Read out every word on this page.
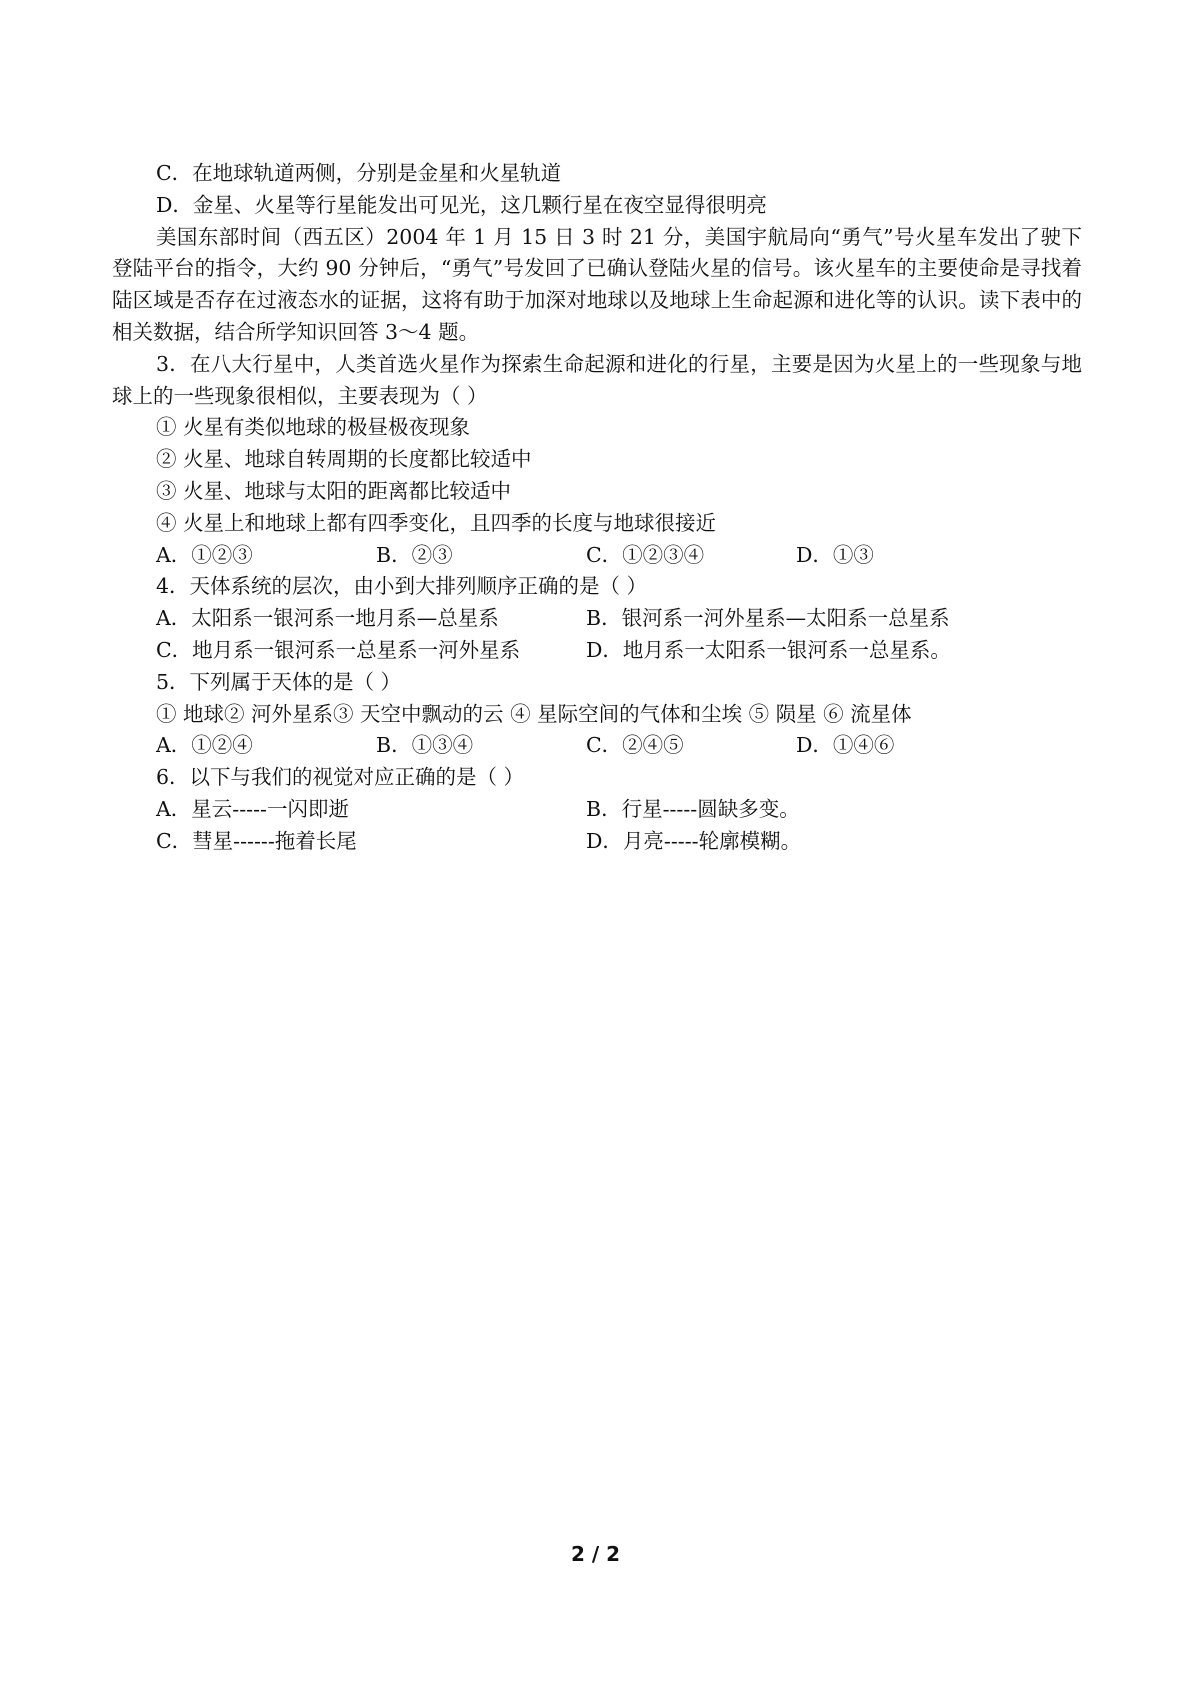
C．在地球轨道两侧，分别是金星和火星轨道
D．金星、火星等行星能发出可见光，这几颗行星在夜空显得很明亮
美国东部时间（西五区）2004 年 1 月 15 日 3 时 21 分，美国宇航局向“勇气”号火星车发出了驶下登陆平台的指令，大约 90 分钟后，“勇气”号发回了已确认登陆火星的信号。该火星车的主要使命是寻找着陆区域是否存在过液态水的证据，这将有助于加深对地球以及地球上生命起源和进化等的认识。读下表中的相关数据，结合所学知识回答 3～4 题。
3．在八大行星中，人类首选火星作为探索生命起源和进化的行星，主要是因为火星上的一些现象与地球上的一些现象很相似，主要表现为（ ）
① 火星有类似地球的极昼极夜现象
② 火星、地球自转周期的长度都比较适中
③ 火星、地球与太阳的距离都比较适中
④ 火星上和地球上都有四季变化，且四季的长度与地球很接近
A．①②③	B．②③	C．①②③④	D．①③
4．天体系统的层次，由小到大排列顺序正确的是（ ）
A．太阳系一银河系一地月系—总星系	B．银河系一河外星系—太阳系一总星系
C．地月系一银河系一总星系一河外星系	D．地月系一太阳系一银河系一总星系。
5．下列属于天体的是（ ）
① 地球② 河外星系③ 天空中飘动的云 ④ 星际空间的气体和尘埃 ⑤ 陨星 ⑥ 流星体
A．①②④	B．①③④	C．②④⑤	D．①④⑥
6．以下与我们的视觉对应正确的是（ ）
A．星云-----一闪即逝	B．行星-----圆缺多变。
C．彗星------拖着长尾	D．月亮-----轮廓模糊。
2 / 2
